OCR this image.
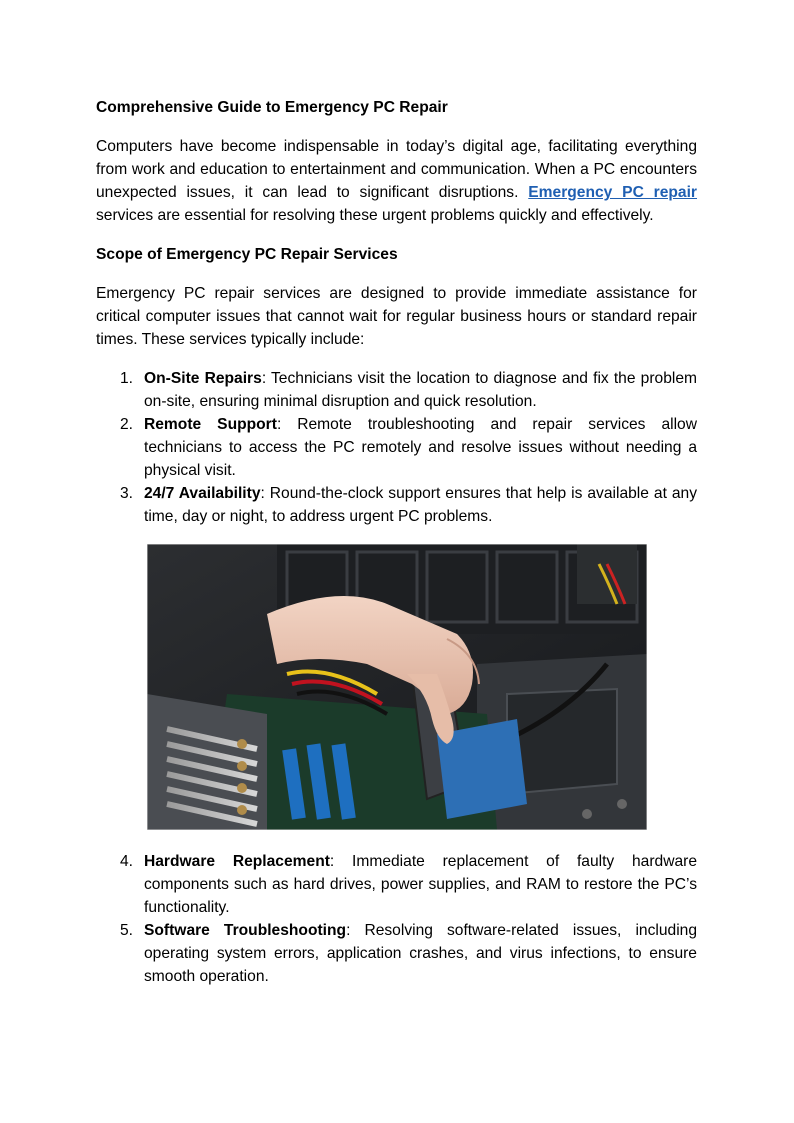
Comprehensive Guide to Emergency PC Repair

Computers have become indispensable in today’s digital age, facilitating everything from work and education to entertainment and communication. When a PC encounters unexpected issues, it can lead to significant disruptions. Emergency PC repair services are essential for resolving these urgent problems quickly and effectively.

Scope of Emergency PC Repair Services

Emergency PC repair services are designed to provide immediate assistance for critical computer issues that cannot wait for regular business hours or standard repair times. These services typically include:

1. On-Site Repairs: Technicians visit the location to diagnose and fix the problem on-site, ensuring minimal disruption and quick resolution.
2. Remote Support: Remote troubleshooting and repair services allow technicians to access the PC remotely and resolve issues without needing a physical visit.
3. 24/7 Availability: Round-the-clock support ensures that help is available at any time, day or night, to address urgent PC problems.
4. Hardware Replacement: Immediate replacement of faulty hardware components such as hard drives, power supplies, and RAM to restore the PC’s functionality.
5. Software Troubleshooting: Resolving software-related issues, including operating system errors, application crashes, and virus infections, to ensure smooth operation.
